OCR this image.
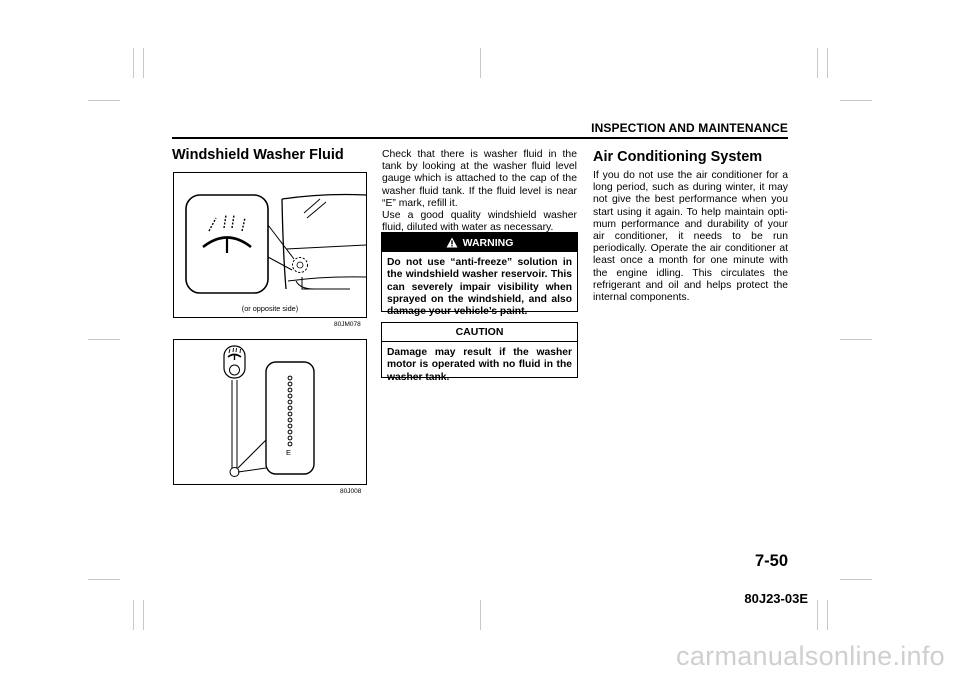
INSPECTION AND MAINTENANCE
Windshield Washer Fluid
(or opposite side)
80JM078
E
80J008
Check that there is washer fluid in the tank by looking at the washer fluid level gauge which is attached to the cap of the washer fluid tank. If the fluid level is near “E” mark, refill it.
Use a good quality windshield washer fluid, diluted with water as necessary.
WARNING
Do not use “anti-freeze” solution in the windshield washer reservoir. This can severely impair visibility when sprayed on the windshield, and also damage your vehicle’s paint.
CAUTION
Damage may result if the washer motor is operated with no fluid in the washer tank.
Air Conditioning System
If you do not use the air conditioner for a long period, such as during winter, it may not give the best performance when you start using it again. To help maintain opti-mum performance and durability of your air conditioner, it needs to be run periodically. Operate the air conditioner at least once a month for one minute with the engine idling. This circulates the refrigerant and oil and helps protect the internal components.
7-50
80J23-03E
carmanualsonline.info
